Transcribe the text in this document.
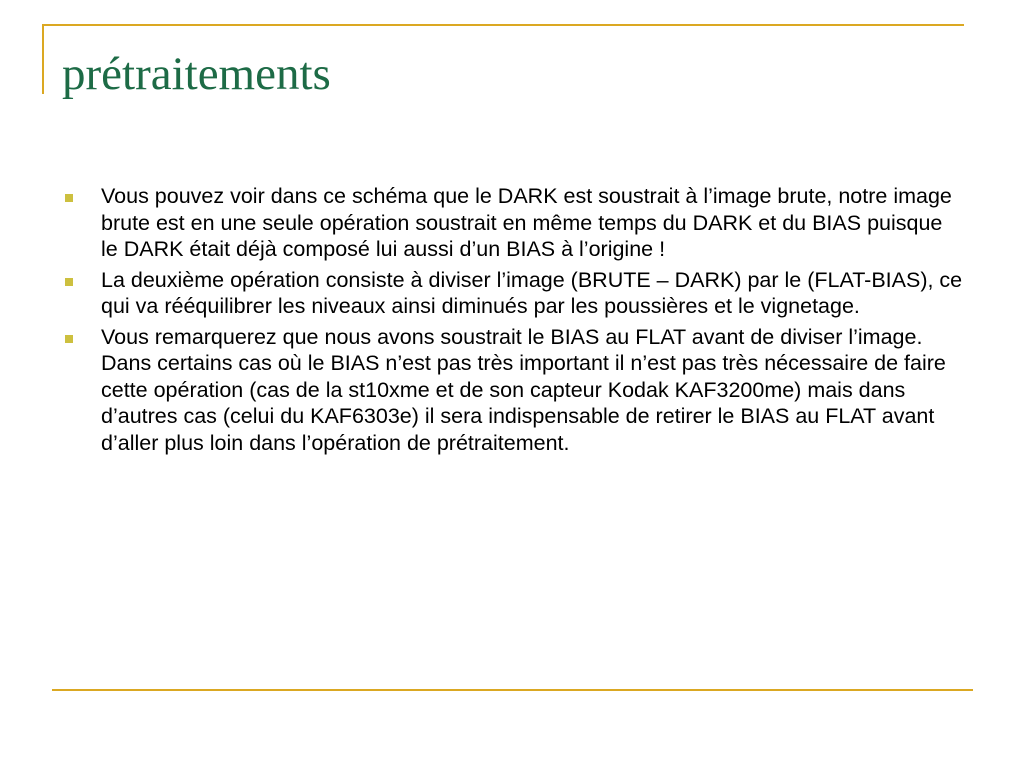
prétraitements
Vous pouvez voir dans ce schéma que le DARK est soustrait à l’image brute, notre image brute est en une seule opération soustrait en même temps du DARK et du BIAS puisque le DARK était déjà composé lui aussi d’un BIAS à l’origine !
La deuxième opération consiste à diviser l’image (BRUTE – DARK) par le (FLAT-BIAS), ce qui va rééquilibrer les niveaux ainsi diminués par les poussières et le vignetage.
Vous remarquerez que nous avons soustrait le BIAS au FLAT avant de diviser l’image. Dans certains cas où le BIAS n’est pas très important il n’est pas très nécessaire de faire cette opération (cas de la st10xme et de son capteur Kodak KAF3200me) mais dans d’autres cas (celui du KAF6303e) il sera indispensable de retirer le BIAS au FLAT avant d’aller plus loin dans l’opération de prétraitement.
